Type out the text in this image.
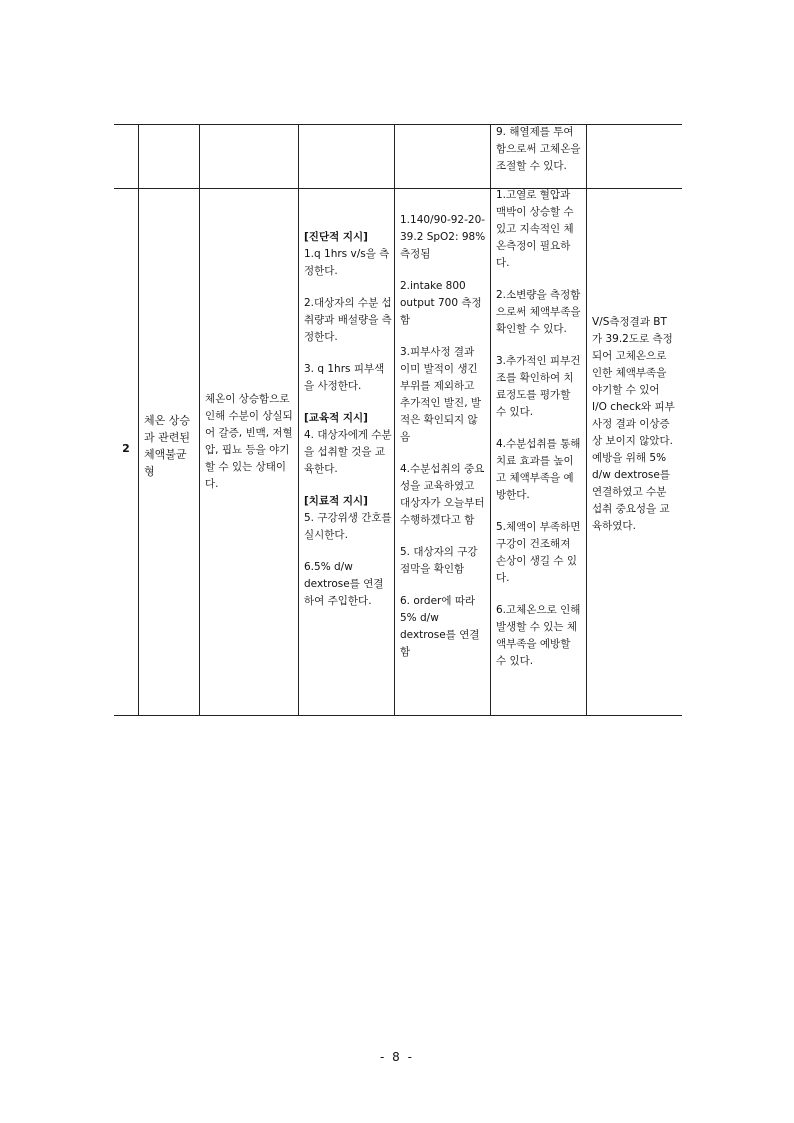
9. 해열제를 투여함으로써 고체온을 조절할 수 있다.
2
체온 상승과 관련된 체액불균형
체온이 상승함으로 인해 수분이 상실되어 갈증, 빈맥, 저혈압, 핍뇨 등을 야기할 수 있는 상태이다.

[진단적 지시]

1.q 1hrs v/s을 측정한다.

2.대상자의 수분 섭취량과 배설량을 측정한다.

3. q 1hrs 피부색을 사정한다.

[교육적 지시]

4. 대상자에게 수분을 섭취할 것을 교육한다.

[치료적 지시]

5. 구강위생 간호를 실시한다.

6.5% d/w dextrose를 연결 하여 주입한다.

1.140/90-92-20-39.2 SpO2: 98% 측정됨

2.intake 800 output 700 측정함

3.피부사정 결과 이미 발적이 생긴부위를 제외하고 추가적인 발진, 발적은 확인되지 않음

4.수분섭취의 중요성을 교육하였고 대상자가 오늘부터 수행하겠다고 함

5. 대상자의 구강점막을 확인함

6. order에 따라 5% d/w dextrose를 연결함

1.고열로 혈압과 맥박이 상승할 수 있고 지속적인 체온측정이 필요하다.

2.소변량을 측정함으로써 체액부족을 확인할 수 있다.

3.추가적인 피부건조를 확인하여 치료정도를 평가할 수 있다.

4.수분섭취를 통해 치료 효과를 높이고 체액부족을 예방한다.

5.체액이 부족하면 구강이 건조해져 손상이 생길 수 있다.

6.고체온으로 인해 발생할 수 있는 체액부족을 예방할 수 있다.

V/S측정결과 BT가 39.2도로 측정되어 고체온으로 인한 체액부족을 야기할 수 있어 I/O check와 피부사정 결과 이상증상 보이지 않았다. 예방을 위해 5% d/w dextrose를 연결하였고 수분섭취 중요성을 교육하였다.
- 8 -
